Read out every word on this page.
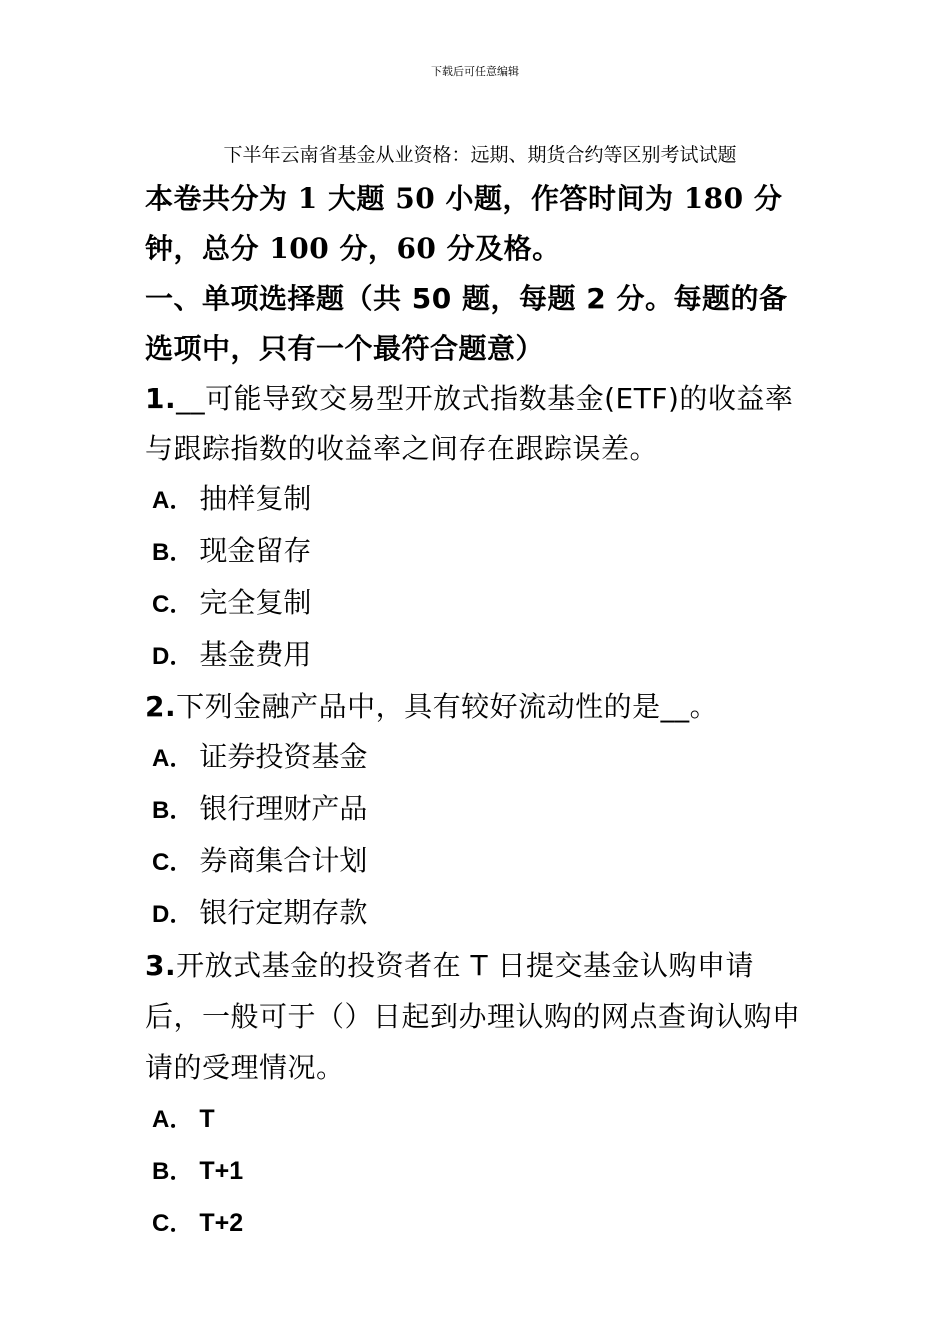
下载后可任意编辑
下半年云南省基金从业资格：远期、期货合约等区别考试试题

本卷共分为 1 大题 50 小题，作答时间为 180 分钟，总分 100 分，60 分及格。

一、单项选择题（共 50 题，每题 2 分。每题的备选项中，只有一个最符合题意）

1.__可能导致交易型开放式指数基金(ETF)的收益率与跟踪指数的收益率之间存在跟踪误差。

A． 抽样复制
B． 现金留存
C． 完全复制
D． 基金费用

2.下列金融产品中，具有较好流动性的是__。

A． 证券投资基金
B． 银行理财产品
C． 券商集合计划
D． 银行定期存款

3.开放式基金的投资者在 T 日提交基金认购申请后，一般可于（）日起到办理认购的网点查询认购申请的受理情况。

A． T
B． T+1
C． T+2
